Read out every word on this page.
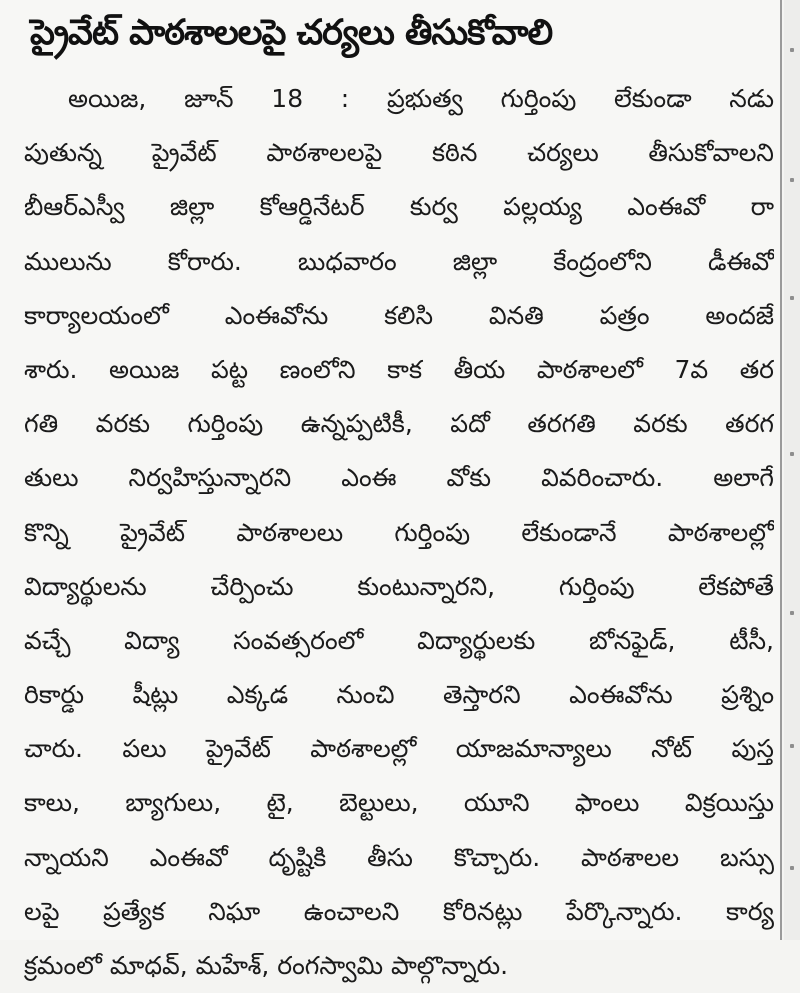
ప్రైవేట్ పాఠశాలలపై చర్యలు తీసుకోవాలి
అయిజ, జూన్ 18 : ప్రభుత్వ గుర్తింపు లేకుండా నడు
పుతున్న ప్రైవేట్ పాఠశాలలపై కఠిన చర్యలు తీసుకోవాలని
బీఆర్ఎస్వీ జిల్లా కోఆర్డినేటర్ కుర్వ పల్లయ్య ఎంఈవో రా
ములును కోరారు. బుధవారం జిల్లా కేంద్రంలోని డీఈవో
కార్యాలయంలో ఎంఈవోను కలిసి వినతి పత్రం అందజే
శారు. అయిజ పట్ట ణంలోని కాక తీయ పాఠశాలలో 7వ తర
గతి వరకు గుర్తింపు ఉన్నప్పటికీ, పదో తరగతి వరకు తరగ
తులు నిర్వహిస్తున్నారని ఎంఈ వోకు వివరించారు. అలాగే
కొన్ని ప్రైవేట్ పాఠశాలలు గుర్తింపు లేకుండానే పాఠశాలల్లో
విద్యార్థులను చేర్పించు కుంటున్నారని, గుర్తింపు లేకపోతే
వచ్చే విద్యా సంవత్సరంలో విద్యార్థులకు బోనఫైడ్, టీసీ,
రికార్డు షీట్లు ఎక్కడ నుంచి తెస్తారని ఎంఈవోను ప్రశ్నిం
చారు. పలు ప్రైవేట్ పాఠశాలల్లో యాజమాన్యాలు నోట్ పుస్త
కాలు, బ్యాగులు, టై, బెల్టులు, యూని ఫాంలు విక్రయిస్తు
న్నాయని ఎంఈవో దృష్టికి తీసు కొచ్చారు. పాఠశాలల బస్సు
లపై ప్రత్యేక నిఘా ఉంచాలని కోరినట్లు పేర్కొన్నారు. కార్య
క్రమంలో మాధవ్, మహేశ్, రంగస్వామి పాల్గొన్నారు.
